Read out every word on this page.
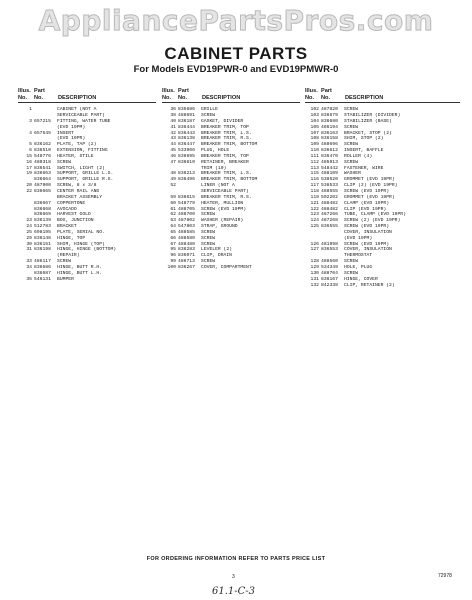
AppliancePartsPros.com
CABINET PARTS
For Models EVD19PWR-0 and EVD19PMWR-0
Illus.
No.
Part
No.
	DESCRIPTION
1	CABINET (NOT A
SERVICEABLE PART)
3 657215	FITTING, WATER TUBE
(EVD 19PM)
4 657545	INSERT
(EVD 19PR)
5 836162	PLATE, TAP (2)
6 836510	EXTENSION, FITTING
15 548776	HEATER, STILE
16 480318	SCREW
17 836541	SWITCH, LIGHT (2)
19 836663	SUPPORT, GRILLE L.S.
836664	SUPPORT, GRILLE R.S.
20 487900	SCREW, 8 x 3/8
22 836665	CENTER RAIL AND
BRACKET ASSEMBLY
836667	COPPERTONE
836668	AVOCADO
836669	HARVEST GOLD
23 836139	BOX, JUNCTION
24 512783	BRACKET
25 698195	PLATE, SERIAL NO.
29 836148	HINGE, TOP
30 836151	SHIM, HINGE (TOP)
31 836198	HINGE, HINGE (BOTTOM)
(REPAIR)
33 486117	SCREW
34 836686	HINGE, BUTT R.H.
836687	HINGE, BUTT L.H.
35 546131	BUMPER
Illus.
No.
Part
No.
	DESCRIPTION
36 835686	GRILLE
38 488691	SCREW
40 836187	GASKET, DIVIDER
41 836444	BREAKER TRIM, TOP
42 836443	BREAKER TRIM, L.S.
43 836138	BREAKER TRIM, R.S.
44 836447	BREAKER TRIM, BOTTOM
45 533906	PLUG, HOLE
46 836695	BREAKER TRIM, TOP
47 836610	RETAINER, BREAKER
TRIM (10)
48 836213	BREAKER TRIM, L.S.
49 836496	BREAKER TRIM, BOTTOM
52	LINER (NOT A
SERVICEABLE PART)
59 836615	BREAKER TRIM, R.S.
60 548779	HEATER, MULLION
61 488705	SCREW (EVD 19PM)
62 488700	SCREW
63 487802	WASHER (REPAIR)
64 547803	STRAP, GROUND
65 488585	SCREW
66 488580	SCREW
67 488480	SCREW
95 836283	LEVELER (2)
96 836071	CLIP, DRAIN
99 486713	SCREW
100 836267	COVER, COMPARTMENT
Illus.
No.
Part
No.
	DESCRIPTION
102 487820	SCREW
103 836679	STABILIZER (DIVIDER)
104 836680	STABILIZER (BASE)
105 486194	SCREW
107 836163	BRACKET, STOP (2)
108 836158	SHIM, STOP (2)
109 488696	SCREW
110 836612	INSERT, BAFFLE
111 836470	ROLLER (4)
112 485913	SCREW
113 548442	FASTENER, WIRE
115 488109	WASHER
116 538520	GROMMET (EVD 19PR)
117 538533	CLIP (2) (EVD 19PR)
118 488555	SCREW (EVD 19PR)
119 502202	GROMMET (EVD 19PR)
121 488482	CLAMP (EVD 19PR)
122 488482	CLIP (EVD 19PR)
123 487266	TUBE, CLAMP (EVD 19PR)
124 487268	SCREW (2) (EVD 19PR)
125 836555	SCREW (EVD 19PR)
COVER, INSULATION
(EVD 19PM)
126 481998	SCREW (EVD 19PM)
127 836553	COVER, INSULATION
THERMOSTAT
128 488560	SCREW
129 534349	HOLE, PLUG
130 488704	SCREW
131 836167	HINGE, COVER
132 842338	CLIP, RETAINER (2)
FOR ORDERING INFORMATION REFER TO PARTS PRICE LIST
3	72978
61.1-C-3
